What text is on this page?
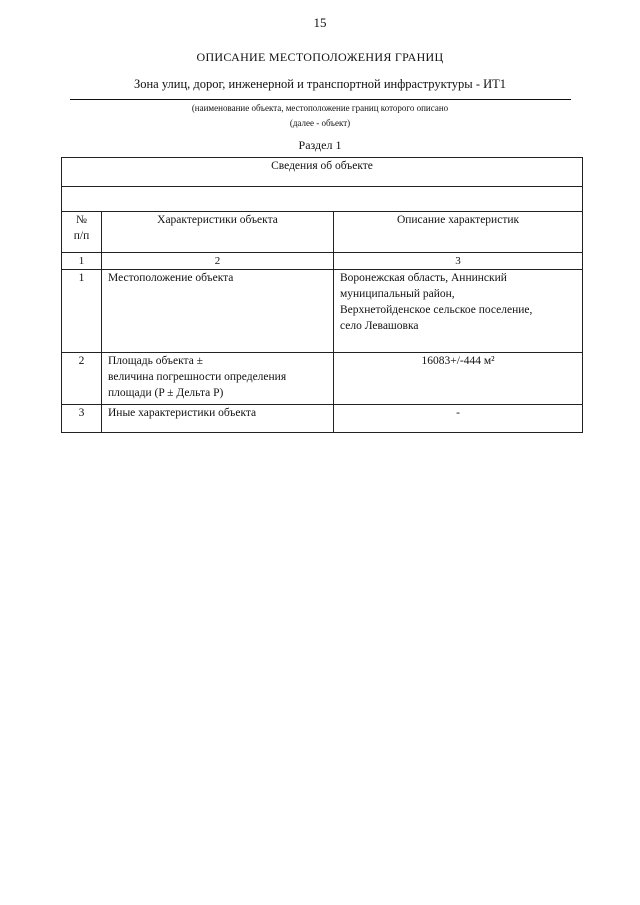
15
ОПИСАНИЕ МЕСТОПОЛОЖЕНИЯ ГРАНИЦ
Зона улиц, дорог, инженерной и транспортной инфраструктуры - ИТ1
(наименование объекта, местоположение границ которого описано
(далее - объект)
Раздел 1
Сведения об объекте		

№
п/п	Характеристики объекта	Описание характеристик
1	2	3
1	Местоположение объекта	Воронежская область, Аннинский
муниципальный район,
Верхнетойденское сельское поселение,
село Левашовка

2	Площадь объекта ±
величина погрешности определения
площади (P ± Дельта P)	16083+/-444 м²

3	Иные характеристики объекта	-
